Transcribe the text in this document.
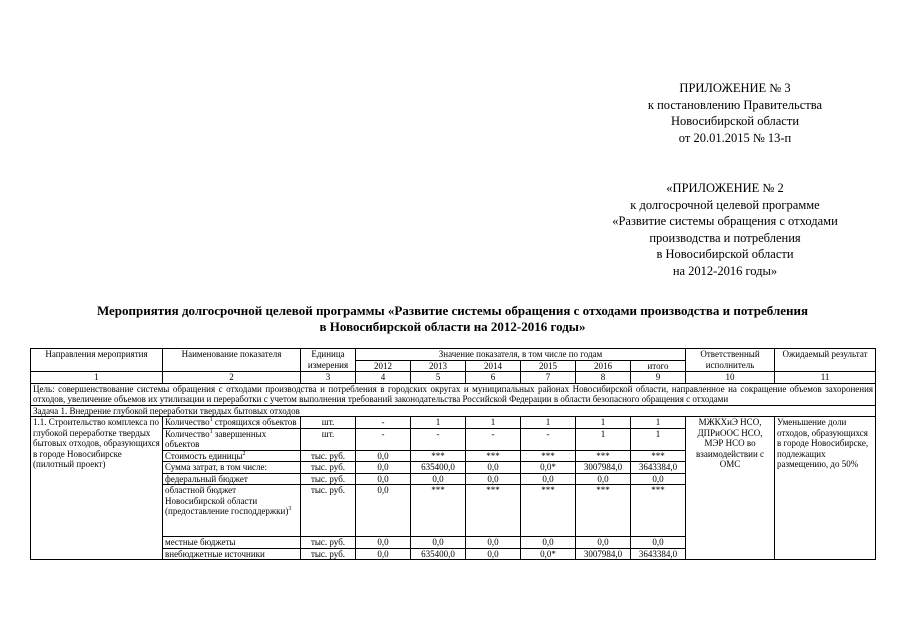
ПРИЛОЖЕНИЕ № 3
к постановлению Правительства
Новосибирской области
от 20.01.2015 № 13-п
«ПРИЛОЖЕНИЕ № 2
к долгосрочной целевой программе
«Развитие системы обращения с отходами
производства и потребления
в Новосибирской области
на 2012-2016 годы»
Мероприятия долгосрочной целевой программы «Развитие системы обращения с отходами производства и потребления
в Новосибирской области на 2012-2016 годы»
Направления мероприятия	Наименование показателя	Единица измерения	Значение показателя, в том числе по годам						Ответственный исполнитель	Ожидаемый результат
			2012	2013	2014	2015	2016	итого		
1	2	3	4	5	6	7	8	9	10	11
Цель: совершенствование системы обращения с отходами производства и потребления в городских округах и муниципальных районах Новосибирской области, направленное на сокращение объемов захоронения отходов, увеличение объемов их утилизации и переработки с учетом выполнения требований законодательства Российской Федерации в области безопасного обращения с отходами										
Задача 1. Внедрение глубокой переработки твердых бытовых отходов										
1.1. Строительство комплекса по глубокой переработке твердых бытовых отходов, образующихся в городе Новосибирске (пилотный проект)	Количество$^1$ строящихся объектов	шт.	-	1	1	1	1	1	МЖКХиЭ НСО, ДПРиООС НСО, МЭР НСО во взаимодействии с ОМС	Уменьшение доли отходов, образующихся в городе Новосибирске, подлежащих размещению, до 50%
	Количество$^1$ завершенных объектов	шт.	-	-	-	-	1	1		
	Стоимость единицы$^2$	тыс. руб.	0,0	***	***	***	***	***		
	Сумма затрат, в том числе:	тыс. руб.	0,0	635400,0	0,0	0,0*	3007984,0	3643384,0		
	федеральный бюджет	тыс. руб.	0,0	0,0	0,0	0,0	0,0	0,0		
	областной бюджет Новосибирской области (предоставление господдержки)$^3$	тыс. руб.	0,0	***	***	***	***	***		
	местные бюджеты	тыс. руб.	0,0	0,0	0,0	0,0	0,0	0,0		
	внебюджетные источники	тыс. руб.	0,0	635400,0	0,0	0,0*	3007984,0	3643384,0		
